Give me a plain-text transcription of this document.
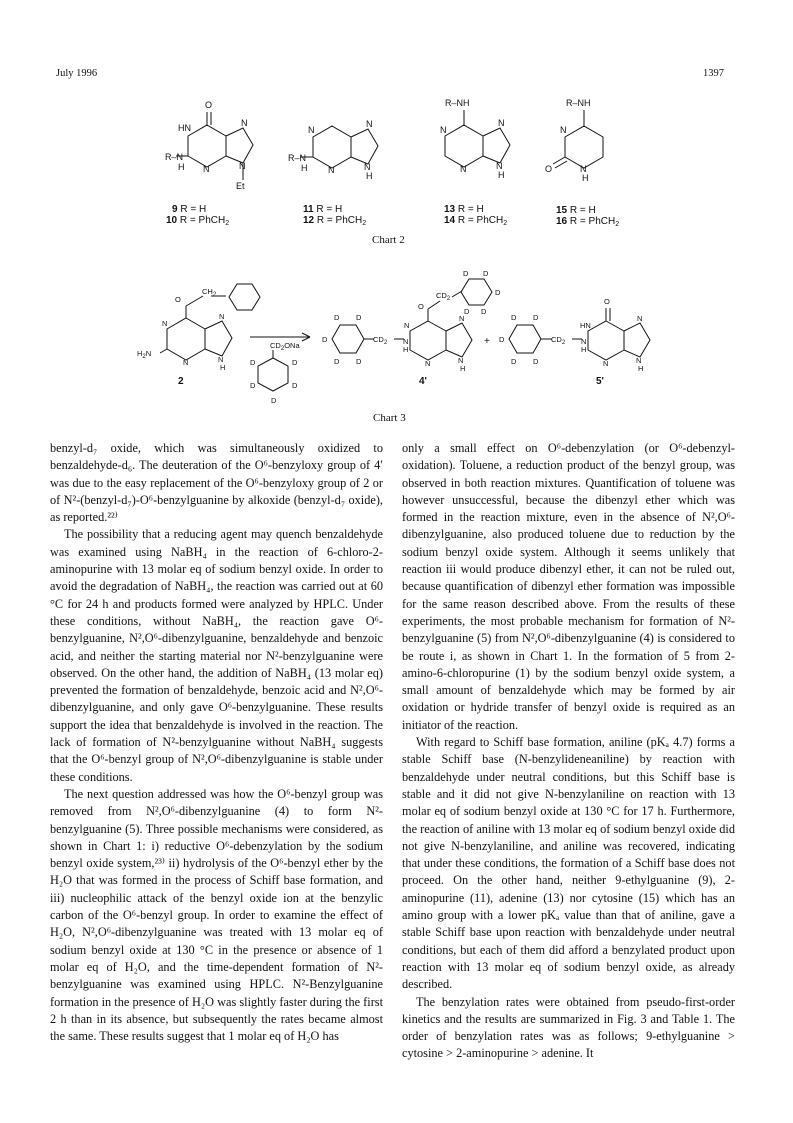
July 1996	1397
O
HN	N
N	N
R–N
H
Et
N
N
N	N
H
R–N
H
R–NH
N
N
N	N
H
R–NH
N
O	N
H
9 R = H	11 R = H	13 R = H	15 R = H
10 R = PhCH$_2$	12 R = PhCH$_2$	14 R = PhCH$_2$	16 R = PhCH$_2$
O
$CH_2$
N
N
N	N
H
$H_2N$
2
$CD_2ONa$
D	D
D	D
D
D D
D
D D
$CD_2$ N
H
N
N
N	N
H
O
$CD_2$
D D
D
D D
4'
+
D D
D
D D
$CD_2$ N
H
O
HN
N
N	N
H
5'
Chart 2
Chart 3

benzyl-d₇ oxide, which was simultaneously oxidized to benzaldehyde-d₆. The deuteration of the O⁶-benzyloxy group of 4′ was due to the easy replacement of the O⁶-benzyloxy group of 2 or of N²-(benzyl-d₇)-O⁶-benzylguanine by alkoxide (benzyl-d₇ oxide), as reported.²²⁾

The possibility that a reducing agent may quench benzaldehyde was examined using NaBH₄ in the reaction of 6-chloro-2-aminopurine with 13 molar eq of sodium benzyl oxide. In order to avoid the degradation of NaBH₄, the reaction was carried out at 60 °C for 24 h and products formed were analyzed by HPLC. Under these conditions, without NaBH₄, the reaction gave O⁶-benzylguanine, N²,O⁶-dibenzylguanine, benzaldehyde and benzoic acid, and neither the starting material nor N²-benzylguanine were observed. On the other hand, the addition of NaBH₄ (13 molar eq) prevented the formation of benzaldehyde, benzoic acid and N²,O⁶-dibenzylguanine, and only gave O⁶-benzylguanine. These results support the idea that benzaldehyde is involved in the reaction. The lack of formation of N²-benzylguanine without NaBH₄ suggests that the O⁶-benzyl group of N²,O⁶-dibenzylguanine is stable under these conditions.

The next question addressed was how the O⁶-benzyl group was removed from N²,O⁶-dibenzylguanine (4) to form N²-benzylguanine (5). Three possible mechanisms were considered, as shown in Chart 1: i) reductive O⁶-debenzylation by the sodium benzyl oxide system,²³⁾ ii) hydrolysis of the O⁶-benzyl ether by the H₂O that was formed in the process of Schiff base formation, and iii) nucleophilic attack of the benzyl oxide ion at the benzylic carbon of the O⁶-benzyl group. In order to examine the effect of H₂O, N²,O⁶-dibenzylguanine was treated with 13 molar eq of sodium benzyl oxide at 130 °C in the presence or absence of 1 molar eq of H₂O, and the time-dependent formation of N²-benzylguanine was examined using HPLC. N²-Benzylguanine formation in the presence of H₂O was slightly faster during the first 2 h than in its absence, but subsequently the rates became almost the same. These results suggest that 1 molar eq of H₂O has

only a small effect on O⁶-debenzylation (or O⁶-debenzyl-oxidation). Toluene, a reduction product of the benzyl group, was observed in both reaction mixtures. Quantification of toluene was however unsuccessful, because the dibenzyl ether which was formed in the reaction mixture, even in the absence of N²,O⁶-dibenzylguanine, also produced toluene due to reduction by the sodium benzyl oxide system. Although it seems unlikely that reaction iii would produce dibenzyl ether, it can not be ruled out, because quantification of dibenzyl ether formation was impossible for the same reason described above. From the results of these experiments, the most probable mechanism for formation of N²-benzylguanine (5) from N²,O⁶-dibenzylguanine (4) is considered to be route i, as shown in Chart 1. In the formation of 5 from 2-amino-6-chloropurine (1) by the sodium benzyl oxide system, a small amount of benzaldehyde which may be formed by air oxidation or hydride transfer of benzyl oxide is required as an initiator of the reaction.

With regard to Schiff base formation, aniline (pKₐ 4.7) forms a stable Schiff base (N-benzylideneaniline) by reaction with benzaldehyde under neutral conditions, but this Schiff base is stable and it did not give N-benzylaniline on reaction with 13 molar eq of sodium benzyl oxide at 130 °C for 17 h. Furthermore, the reaction of aniline with 13 molar eq of sodium benzyl oxide did not give N-benzylaniline, and aniline was recovered, indicating that under these conditions, the formation of a Schiff base does not proceed. On the other hand, neither 9-ethylguanine (9), 2-aminopurine (11), adenine (13) nor cytosine (15) which has an amino group with a lower pKₐ value than that of aniline, gave a stable Schiff base upon reaction with benzaldehyde under neutral conditions, but each of them did afford a benzylated product upon reaction with 13 molar eq of sodium benzyl oxide, as already described.

The benzylation rates were obtained from pseudo-first-order kinetics and the results are summarized in Fig. 3 and Table 1. The order of benzylation rates was as follows; 9-ethylguanine > cytosine > 2-aminopurine > adenine. It
